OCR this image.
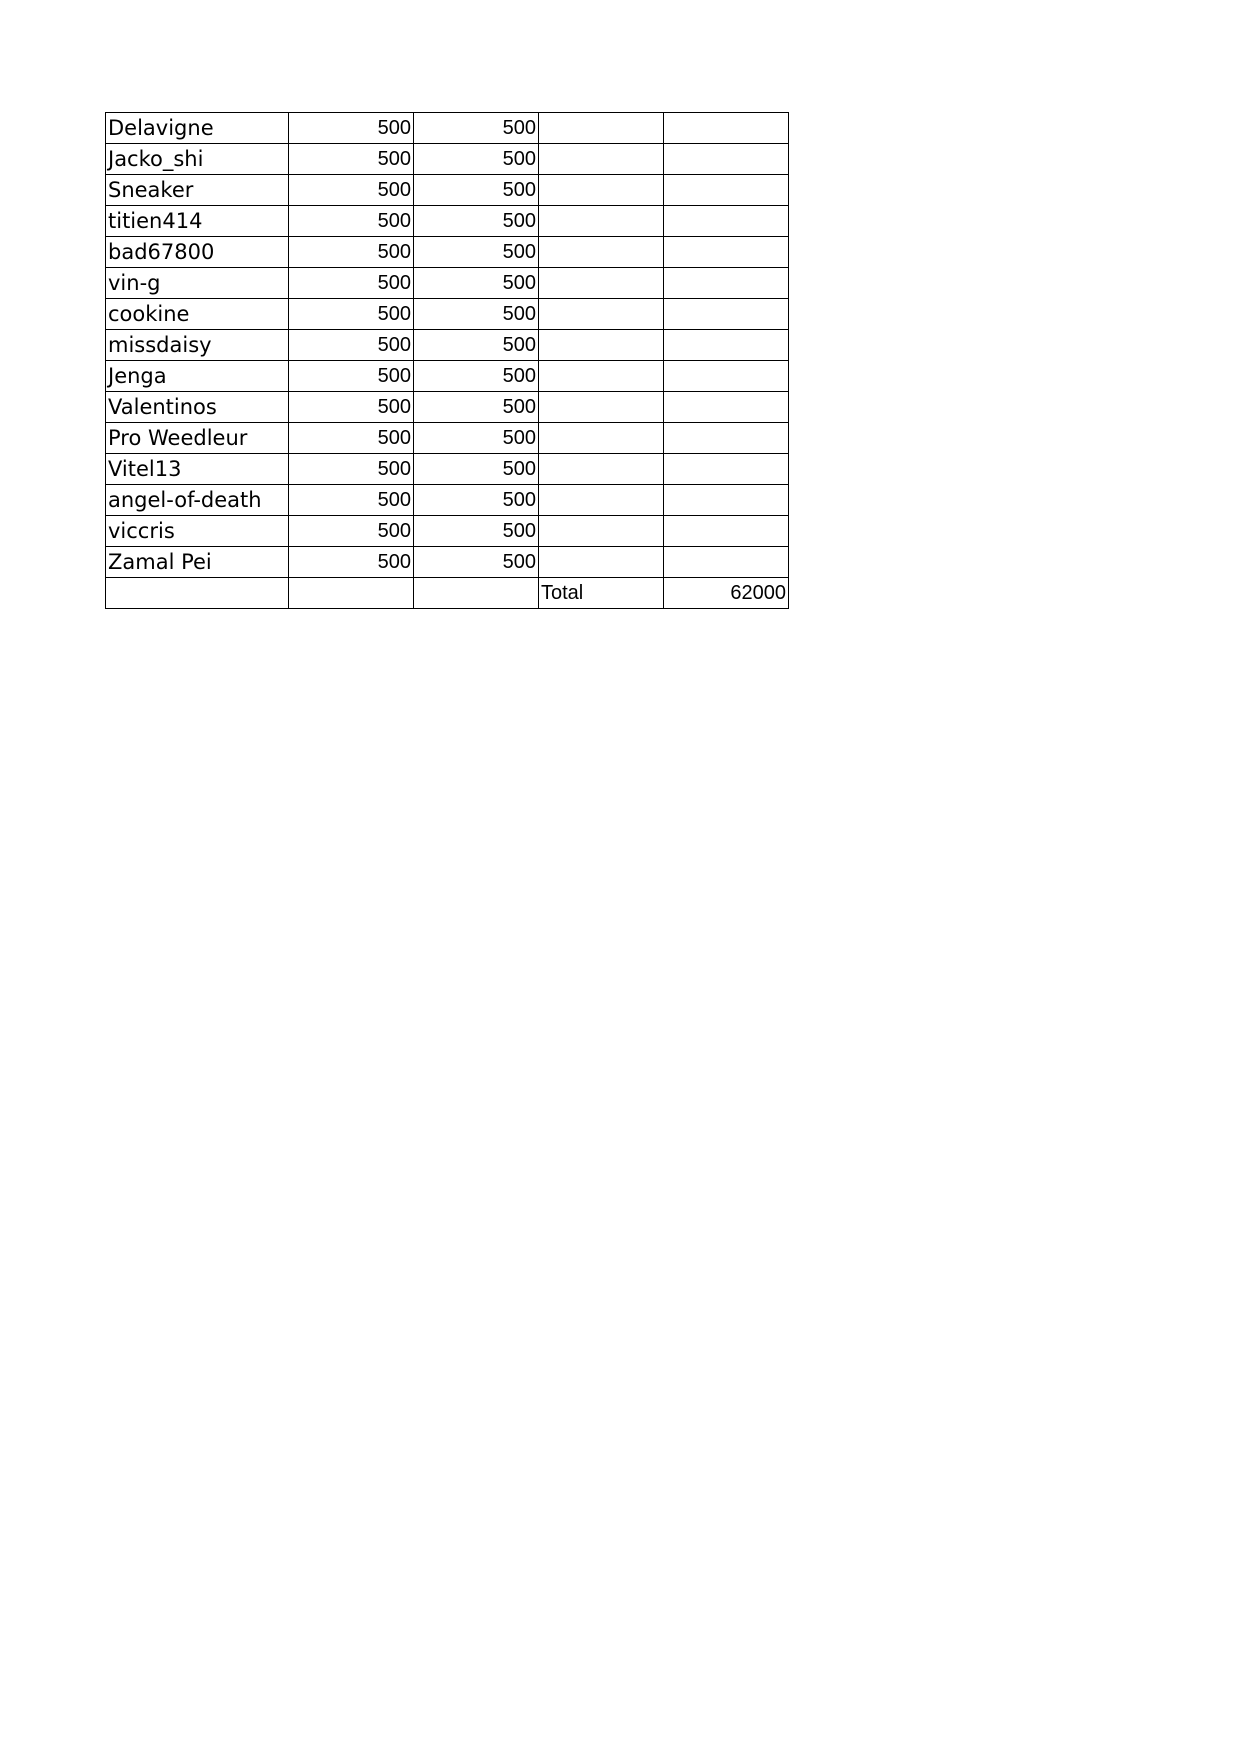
Delavigne	500	500		
Jacko_shi	500	500		
Sneaker	500	500		
titien414	500	500		
bad67800	500	500		
vin-g	500	500		
cookine	500	500		
missdaisy	500	500		
Jenga	500	500		
Valentinos	500	500		
Pro Weedleur	500	500		
Vitel13	500	500		
angel-of-death	500	500		
viccris	500	500		
Zamal Pei	500	500		
			Total	62000
